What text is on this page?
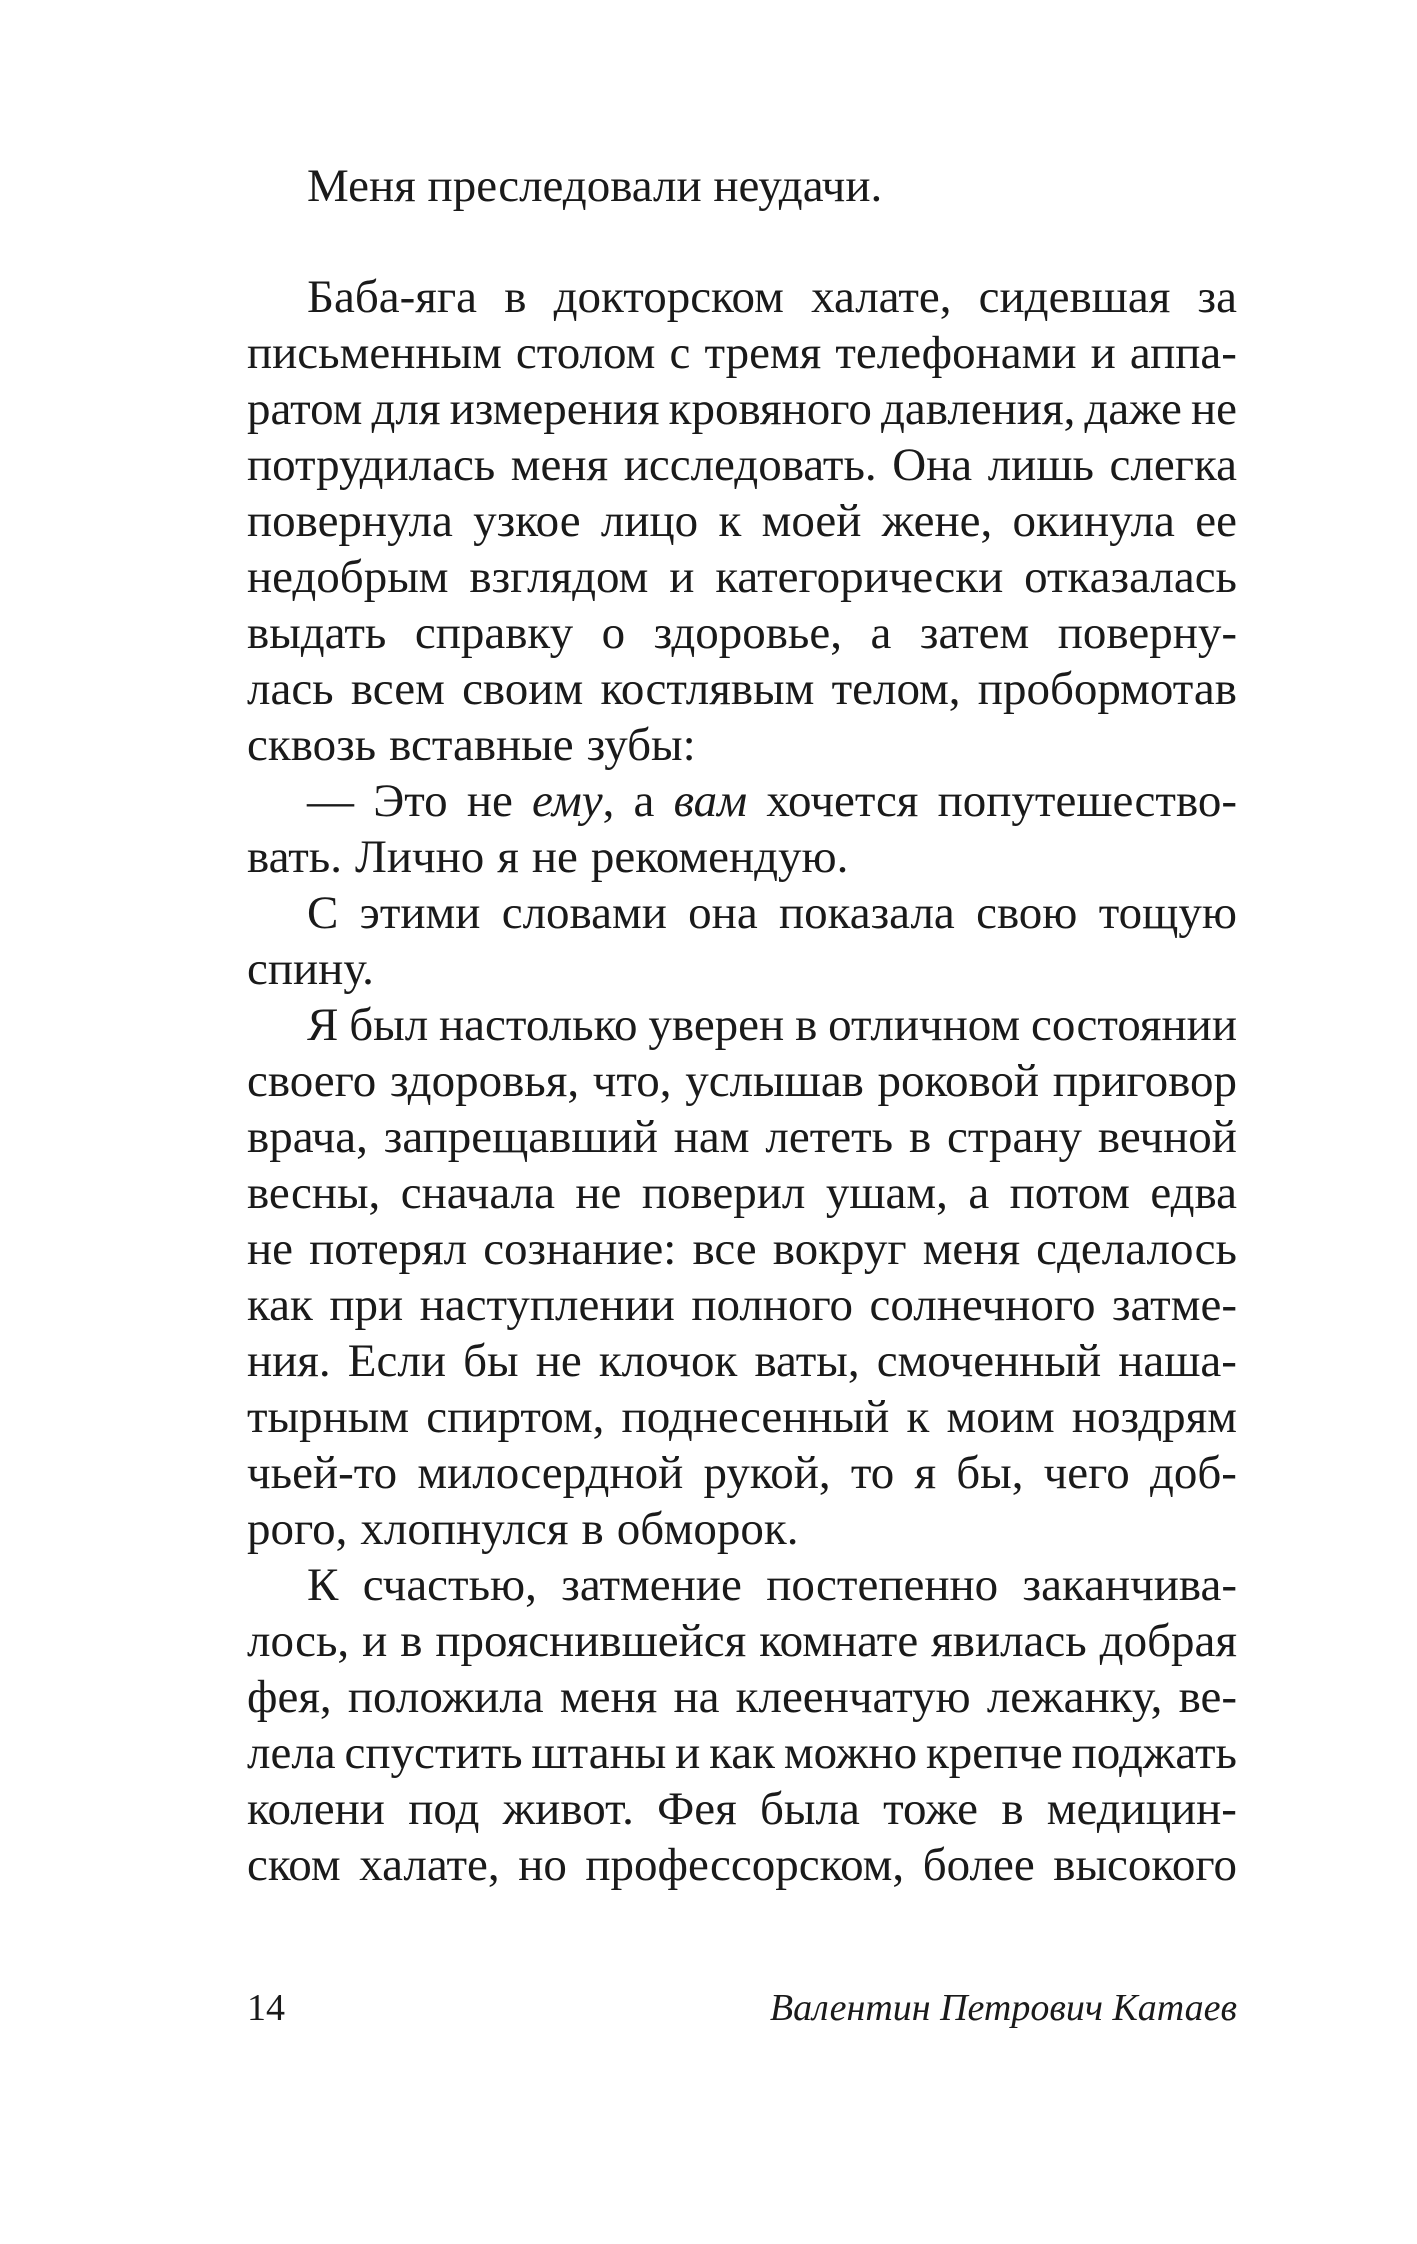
Меня преследовали неудачи.
Баба-яга в докторском халате, сидевшая за
письменным столом с тремя телефонами и аппа-
ратом для измерения кровяного давления, даже не
потрудилась меня исследовать. Она лишь слегка
повернула узкое лицо к моей жене, окинула ее
недобрым взглядом и категорически отказалась
выдать справку о здоровье, а затем поверну-
лась всем своим костлявым телом, пробормотав
сквозь вставные зубы:
— Это не ему, а вам хочется попутешество-
вать. Лично я не рекомендую.
С этими словами она показала свою тощую
спину.
Я был настолько уверен в отличном состоянии
своего здоровья, что, услышав роковой приговор
врача, запрещавший нам лететь в страну вечной
весны, сначала не поверил ушам, а потом едва
не потерял сознание: все вокруг меня сделалось
как при наступлении полного солнечного затме-
ния. Если бы не клочок ваты, смоченный наша-
тырным спиртом, поднесенный к моим ноздрям
чьей-то милосердной рукой, то я бы, чего доб-
рого, хлопнулся в обморок.
К счастью, затмение постепенно заканчива-
лось, и в прояснившейся комнате явилась добрая
фея, положила меня на клеенчатую лежанку, ве-
лела спустить штаны и как можно крепче поджать
колени под живот. Фея была тоже в медицин-
ском халате, но профессорском, более высокого
14	Валентин Петрович Катаев
